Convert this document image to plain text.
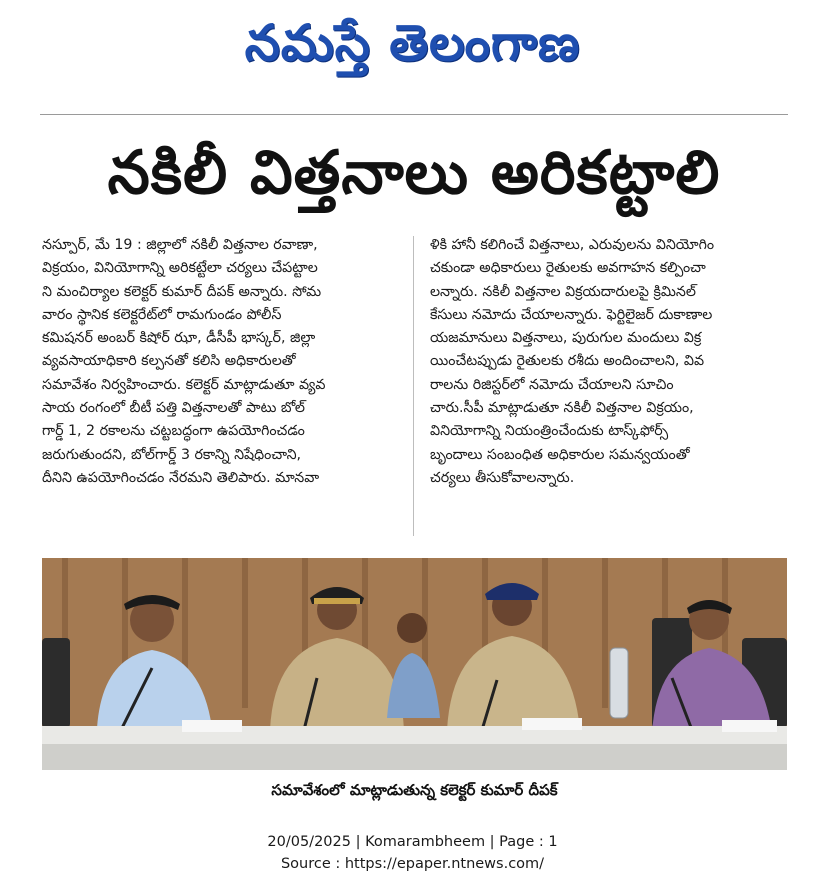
నమస్తే తెలంగాణ
నకిలీ విత్తనాలు అరికట్టాలి
నస్పూర్, మే 19 : జిల్లాలో నకిలీ విత్తనాల రవాణా,
విక్రయం, వినియోగాన్ని అరికట్టేలా చర్యలు చేపట్టాల
ని మంచిర్యాల కలెక్టర్ కుమార్ దీపక్ అన్నారు. సోమ
వారం స్థానిక కలెక్టరేట్‌లో రామగుండం పోలీస్
కమిషనర్ అంబర్ కిషోర్ ఝా, డీసీపీ భాస్కర్, జిల్లా
వ్యవసాయాధికారి కల్పనతో కలిసి అధికారులతో
సమావేశం నిర్వహించారు. కలెక్టర్ మాట్లాడుతూ వ్యవ
సాయ రంగంలో బీటీ పత్తి విత్తనాలతో పాటు బోల్
గార్డ్ 1, 2 రకాలను చట్టబద్ధంగా ఉపయోగించడం
జరుగుతుందని, బోల్‌గార్డ్ 3 రకాన్ని నిషేధించాని,
దీనిని ఉపయోగించడం నేరమని తెలిపారు. మానవా
ళికి హానీ కలిగించే విత్తనాలు, ఎరువులను వినియోగిం
చకుండా అధికారులు రైతులకు అవగాహన కల్పించా
లన్నారు. నకిలీ విత్తనాల విక్రయదారులపై క్రిమినల్
కేసులు నమోదు చేయాలన్నారు. ఫెర్టిలైజర్ దుకాణాల
యజమానులు విత్తనాలు, పురుగుల మందులు విక్ర
యించేటప్పుడు రైతులకు రశీదు అందించాలని, వివ
రాలను రిజిస్టర్‌లో నమోదు చేయాలని సూచిం
చారు.సీపీ మాట్లాడుతూ నకిలీ విత్తనాల విక్రయం,
వినియోగాన్ని నియంత్రించేందుకు టాస్క్‌ఫోర్స్
బృందాలు సంబంధిత అధికారుల సమన్వయంతో
చర్యలు తీసుకోవాలన్నారు.
సమావేశంలో మాట్లాడుతున్న కలెక్టర్ కుమార్ దీపక్
20/05/2025 | Komarambheem | Page : 1
Source : https://epaper.ntnews.com/
